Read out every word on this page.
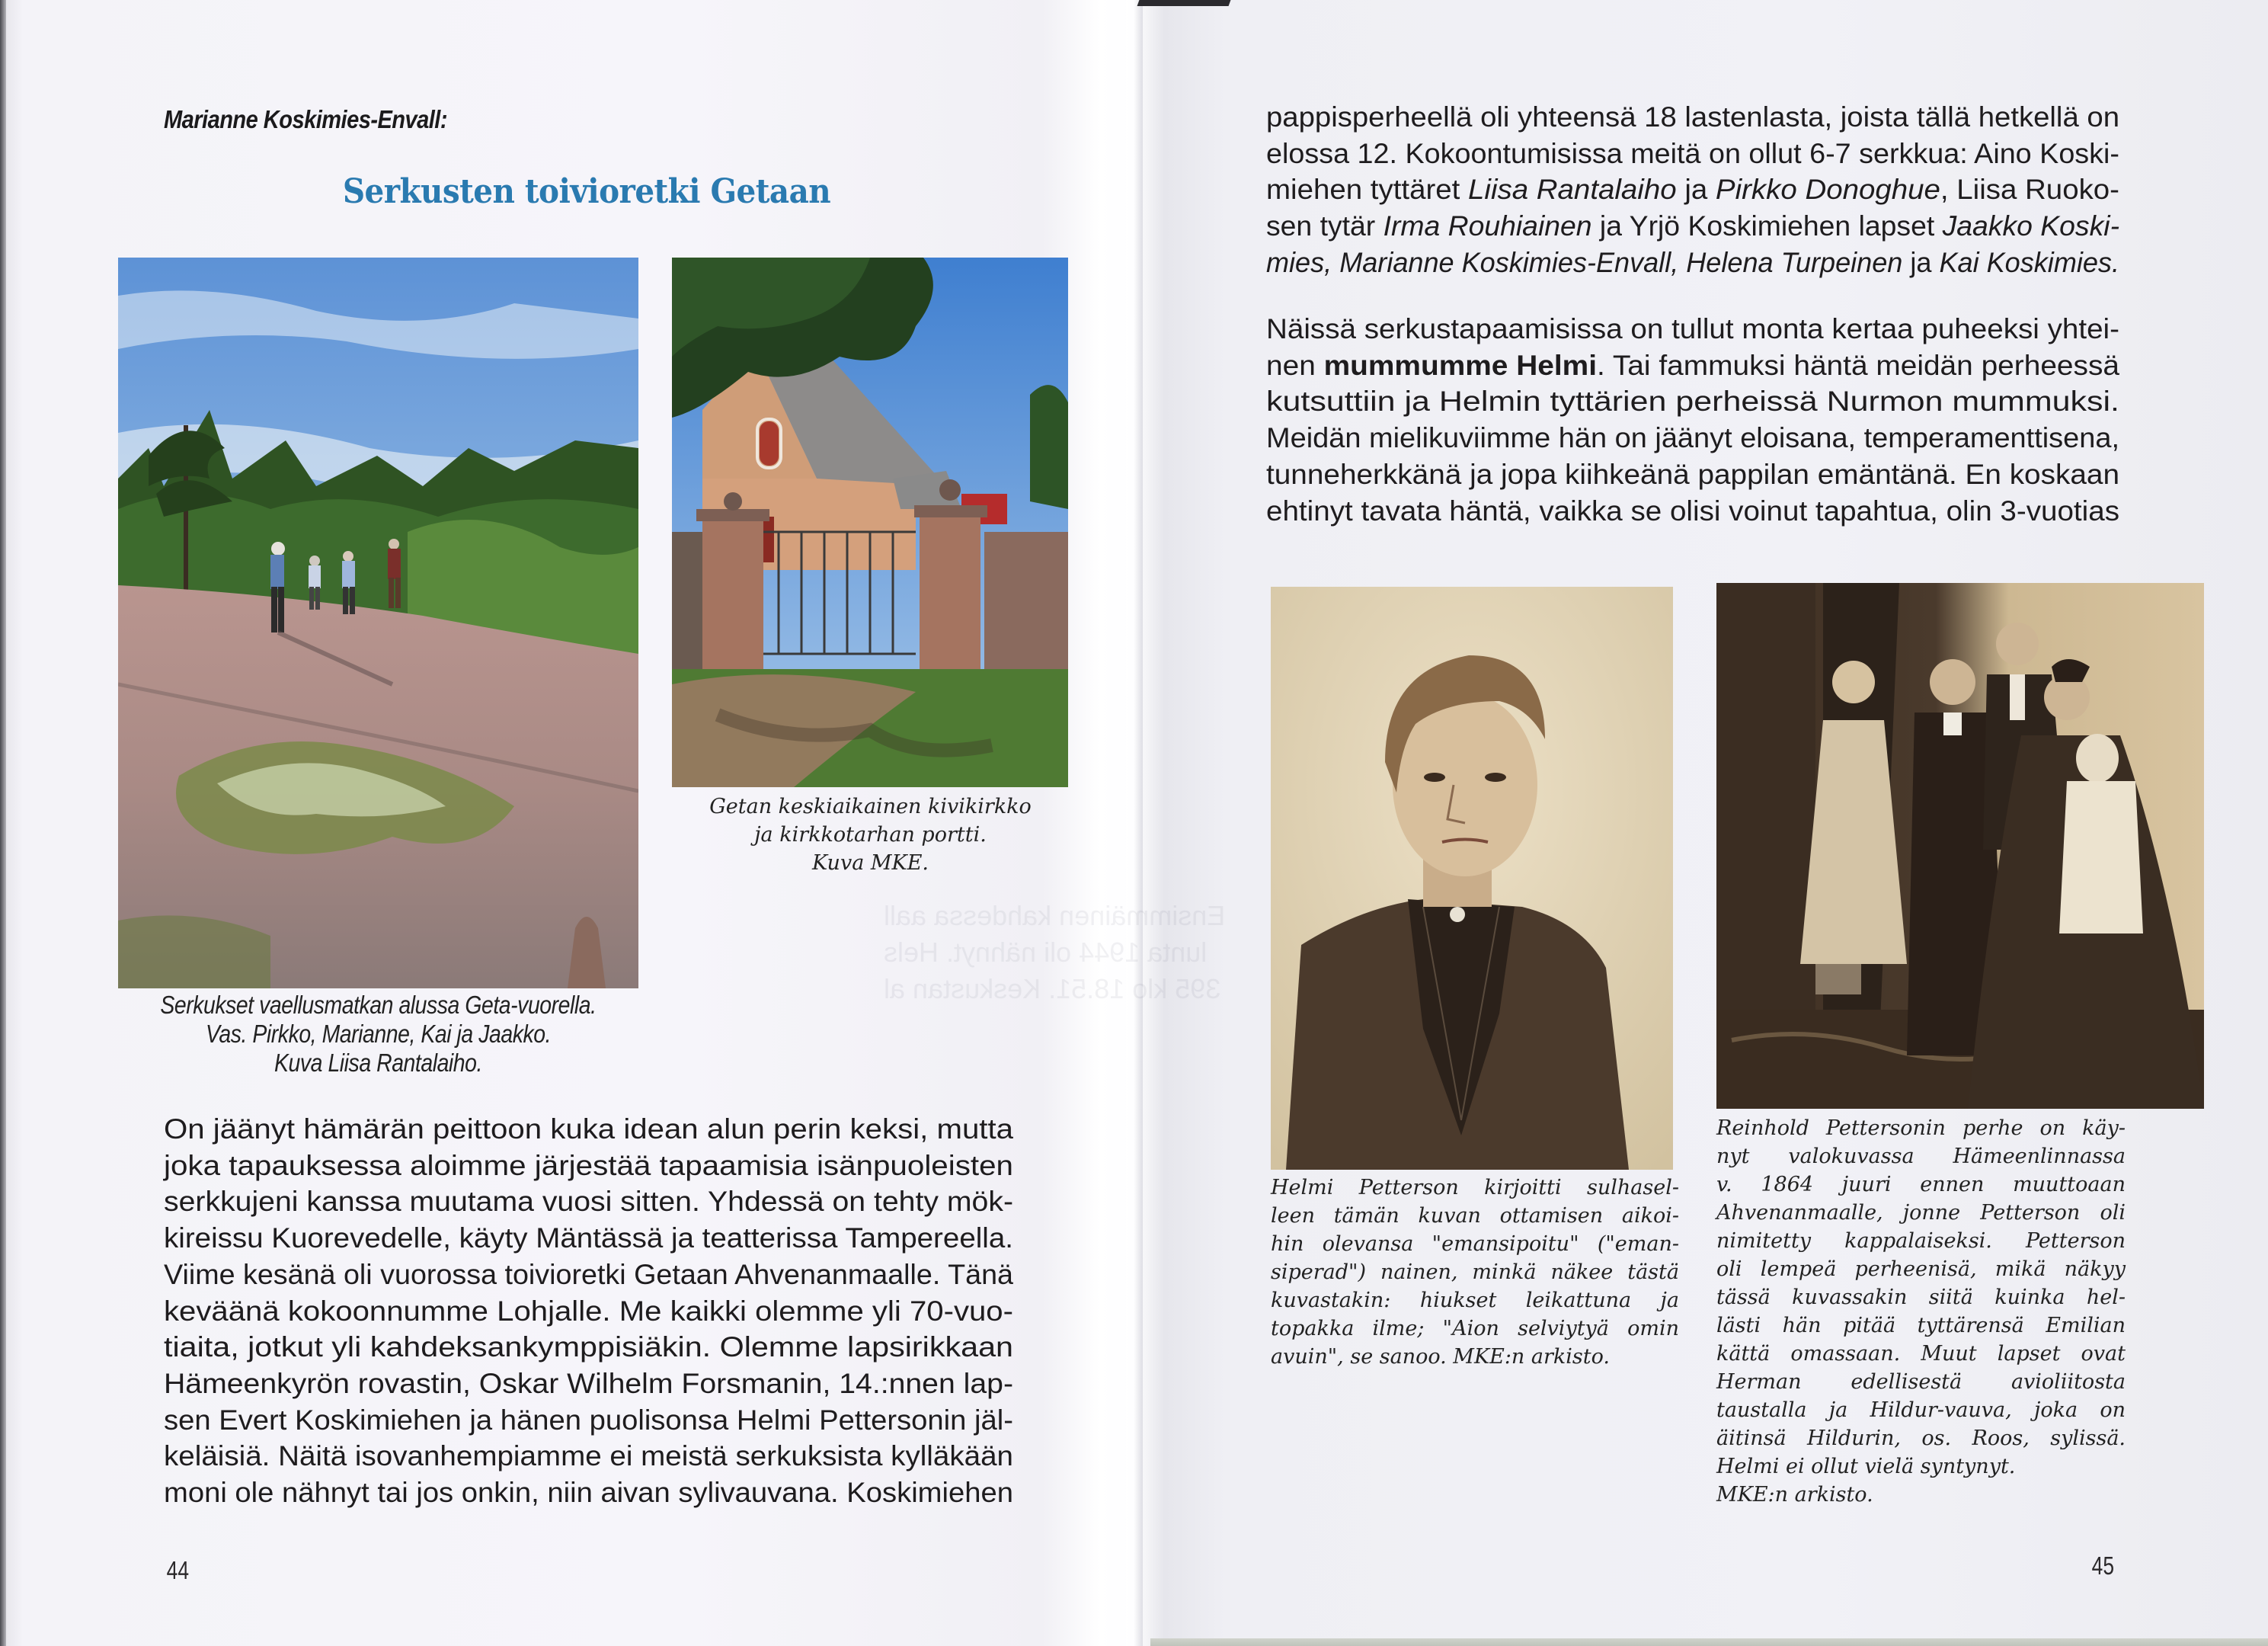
Ensimmäinen kahdessa aall
lunta 1944 oli nähnyt. Hels
395 klo 18.51. Keskustan al
Marianne Koskimies-Envall:
Serkusten toivioretki Getaan
Getan keskiaikainen kivikirkko
ja kirkkotarhan portti.
Kuva MKE.
Serkukset vaellusmatkan alussa Geta-vuorella.
Vas. Pirkko, Marianne, Kai ja Jaakko.
Kuva Liisa Rantalaiho.
On jäänyt hämärän peittoon kuka idean alun perin keksi, mutta
joka tapauksessa aloimme järjestää tapaamisia isänpuoleisten
serkkujeni kanssa muutama vuosi sitten. Yhdessä on tehty mök-
kireissu Kuorevedelle, käyty Mäntässä ja teatterissa Tampereella.
Viime kesänä oli vuorossa toivioretki Getaan Ahvenanmaalle. Tänä
keväänä kokoonnumme Lohjalle. Me kaikki olemme yli 70-vuo-
tiaita, jotkut yli kahdeksankymppisiäkin. Olemme lapsirikkaan
Hämeenkyrön rovastin, Oskar Wilhelm Forsmanin, 14.:nnen lap-
sen Evert Koskimiehen ja hänen puolisonsa Helmi Pettersonin jäl-
keläisiä. Näitä isovanhempiamme ei meistä serkuksista kylläkään
moni ole nähnyt tai jos onkin, niin aivan sylivauvana. Koskimiehen
44
pappisperheellä oli yhteensä 18 lastenlasta, joista tällä hetkellä on
elossa 12. Kokoontumisissa meitä on ollut 6-7 serkkua: Aino Koski-
miehen tyttäret Liisa Rantalaiho ja Pirkko Donoghue, Liisa Ruoko-
sen tytär Irma Rouhiainen ja Yrjö Koskimiehen lapset Jaakko Koski-
mies, Marianne Koskimies-Envall, Helena Turpeinen ja Kai Koskimies.
Näissä serkustapaamisissa on tullut monta kertaa puheeksi yhtei-
nen mummumme Helmi. Tai fammuksi häntä meidän perheessä
kutsuttiin ja Helmin tyttärien perheissä Nurmon mummuksi.
Meidän mielikuviimme hän on jäänyt eloisana, temperamenttisena,
tunneherkkänä ja jopa kiihkeänä pappilan emäntänä. En koskaan
ehtinyt tavata häntä, vaikka se olisi voinut tapahtua, olin 3-vuotias
Helmi Petterson kirjoitti sulhasel-
leen tämän kuvan ottamisen aikoi-
hin olevansa "emansipoitu" ("eman-
siperad") nainen, minkä näkee tästä
kuvastakin: hiukset leikattuna ja
topakka ilme; "Aion selviytyä omin
avuin", se sanoo. MKE:n arkisto.
Reinhold Pettersonin perhe on käy-
nyt valokuvassa Hämeenlinnassa
v. 1864 juuri ennen muuttoaan
Ahvenanmaalle, jonne Petterson oli
nimitetty kappalaiseksi. Petterson
oli lempeä perheenisä, mikä näkyy
tässä kuvassakin siitä kuinka hel-
lästi hän pitää tyttärensä Emilian
kättä omassaan. Muut lapset ovat
Herman edellisestä avioliitosta
taustalla ja Hildur-vauva, joka on
äitinsä Hildurin, os. Roos, sylissä.
Helmi ei ollut vielä syntynyt.
MKE:n arkisto.
45
